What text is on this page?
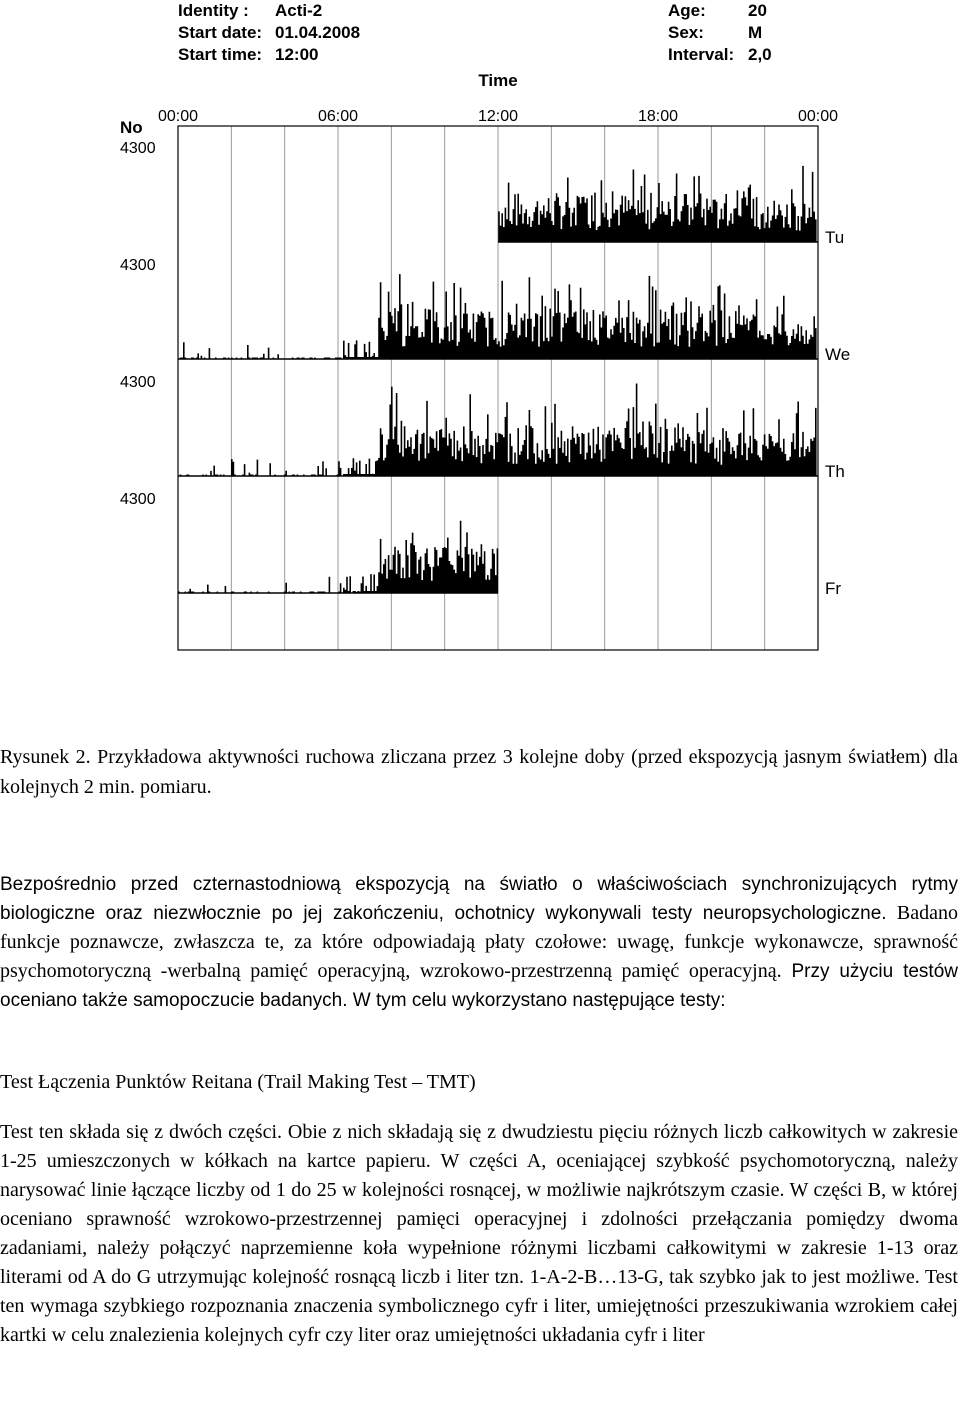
Identity : Acti-2
Start date: 01.04.2008
Start time: 12:00
Age: 20
Sex:	M
Interval: 2,0
Time
No
00:00	06:00	12:00	18:00	00:00
4300
4300
4300
4300
Tu
We
Th
Fr

Rysunek 2. Przykładowa aktywności ruchowa zliczana przez 3 kolejne doby (przed ekspozycją jasnym światłem) dla kolejnych 2 min. pomiaru.

Bezpośrednio przed czternastodniową ekspozycją na światło o właściwościach synchronizujących rytmy biologiczne oraz niezwłocznie po jej zakończeniu, ochotnicy wykonywali testy neuropsychologiczne. Badano funkcje poznawcze, zwłaszcza te, za które odpowiadają płaty czołowe: uwagę, funkcje wykonawcze, sprawność psychomotoryczną -werbalną pamięć operacyjną, wzrokowo-przestrzenną pamięć operacyjną. Przy użyciu testów oceniano także samopoczucie badanych. W tym celu wykorzystano następujące testy:

Test Łączenia Punktów Reitana (Trail Making Test – TMT)

Test ten składa się z dwóch części. Obie z nich składają się z dwudziestu pięciu różnych liczb całkowitych w zakresie 1-25 umieszczonych w kółkach na kartce papieru. W części A, oceniającej szybkość psychomotoryczną, należy narysować linie łączące liczby od 1 do 25 w kolejności rosnącej, w możliwie najkrótszym czasie. W części B, w której oceniano sprawność wzrokowo-przestrzennej pamięci operacyjnej i zdolności przełączania pomiędzy dwoma zadaniami, należy połączyć naprzemienne koła wypełnione różnymi liczbami całkowitymi w zakresie 1-13 oraz literami od A do G utrzymując kolejność rosnącą liczb i liter tzn. 1-A-2-B…13-G, tak szybko jak to jest możliwe. Test ten wymaga szybkiego rozpoznania znaczenia symbolicznego cyfr i liter, umiejętności przeszukiwania wzrokiem całej kartki w celu znalezienia kolejnych cyfr czy liter oraz umiejętności układania cyfr i liter
